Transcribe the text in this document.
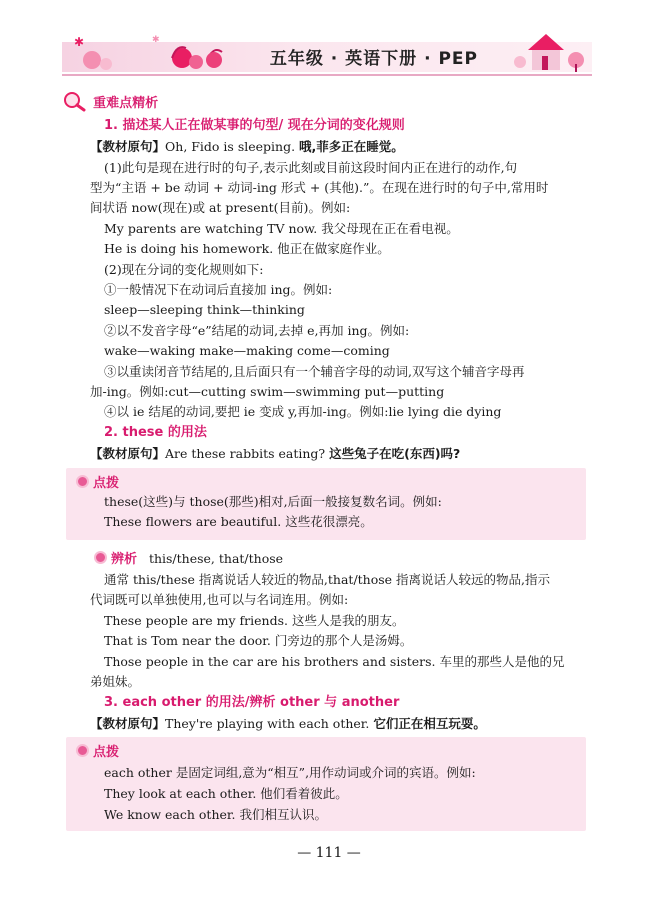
✱	✱
五年级 · 英语下册 · PEP
重难点精析
1. 描述某人正在做某事的句型/ 现在分词的变化规则
【教材原句】Oh, Fido is sleeping. 哦,菲多正在睡觉。
(1)此句是现在进行时的句子,表示此刻或目前这段时间内正在进行的动作,句
型为“主语 + be 动词 + 动词-ing 形式 + (其他).”。在现在进行时的句子中,常用时
间状语 now(现在)或 at present(目前)。例如:
My parents are watching TV now. 我父母现在正在看电视。
He is doing his homework. 他正在做家庭作业。
(2)现在分词的变化规则如下:
①一般情况下在动词后直接加 ing。例如:
sleep—sleeping think—thinking
②以不发音字母“e”结尾的动词,去掉 e,再加 ing。例如:
wake—waking make—making come—coming
③以重读闭音节结尾的,且后面只有一个辅音字母的动词,双写这个辅音字母再
加-ing。例如:cut—cutting swim—swimming put—putting
④以 ie 结尾的动词,要把 ie 变成 y,再加-ing。例如:lie lying die dying
2. these 的用法
【教材原句】Are these rabbits eating? 这些兔子在吃(东西)吗?
点拨
these(这些)与 those(那些)相对,后面一般接复数名词。例如:
These flowers are beautiful. 这些花很漂亮。
辨析 this/these, that/those
通常 this/these 指离说话人较近的物品,that/those 指离说话人较远的物品,指示
代词既可以单独使用,也可以与名词连用。例如:
These people are my friends. 这些人是我的朋友。
That is Tom near the door. 门旁边的那个人是汤姆。
Those people in the car are his brothers and sisters. 车里的那些人是他的兄
弟姐妹。
3. each other 的用法/辨析 other 与 another
【教材原句】They're playing with each other. 它们正在相互玩耍。
点拨
each other 是固定词组,意为“相互”,用作动词或介词的宾语。例如:
They look at each other. 他们看着彼此。
We know each other. 我们相互认识。
— 111 —
